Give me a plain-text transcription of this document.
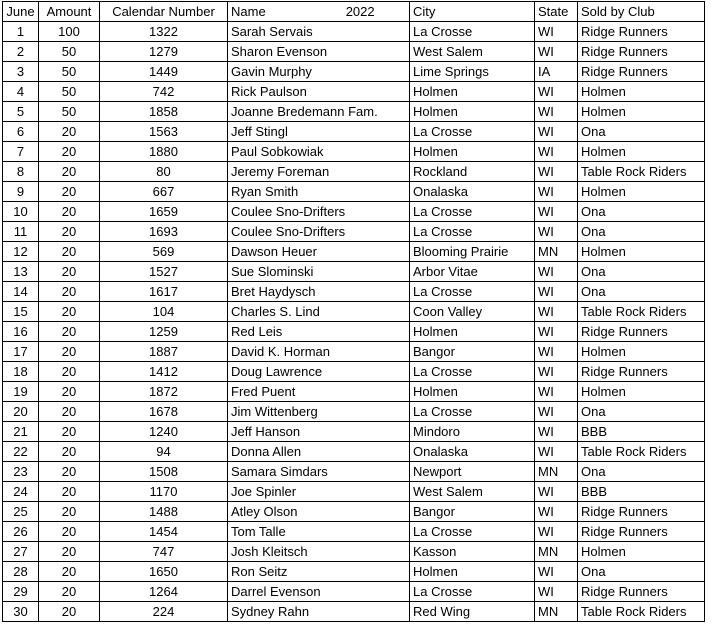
June	Amount	Calendar Number	Name 2022	City	State	Sold by Club
1	100	1322	Sarah Servais	La Crosse	WI	Ridge Runners
2	50	1279	Sharon Evenson	West Salem	WI	Ridge Runners
3	50	1449	Gavin Murphy	Lime Springs	IA	Ridge Runners
4	50	742	Rick Paulson	Holmen	WI	Holmen
5	50	1858	Joanne Bredemann Fam.	Holmen	WI	Holmen
6	20	1563	Jeff Stingl	La Crosse	WI	Ona
7	20	1880	Paul Sobkowiak	Holmen	WI	Holmen
8	20	80	Jeremy Foreman	Rockland	WI	Table Rock Riders
9	20	667	Ryan Smith	Onalaska	WI	Holmen
10	20	1659	Coulee Sno-Drifters	La Crosse	WI	Ona
11	20	1693	Coulee Sno-Drifters	La Crosse	WI	Ona
12	20	569	Dawson Heuer	Blooming Prairie	MN	Holmen
13	20	1527	Sue Slominski	Arbor Vitae	WI	Ona
14	20	1617	Bret Haydysch	La Crosse	WI	Ona
15	20	104	Charles S. Lind	Coon Valley	WI	Table Rock Riders
16	20	1259	Red Leis	Holmen	WI	Ridge Runners
17	20	1887	David K. Horman	Bangor	WI	Holmen
18	20	1412	Doug Lawrence	La Crosse	WI	Ridge Runners
19	20	1872	Fred Puent	Holmen	WI	Holmen
20	20	1678	Jim Wittenberg	La Crosse	WI	Ona
21	20	1240	Jeff Hanson	Mindoro	WI	BBB
22	20	94	Donna Allen	Onalaska	WI	Table Rock Riders
23	20	1508	Samara Simdars	Newport	MN	Ona
24	20	1170	Joe Spinler	West Salem	WI	BBB
25	20	1488	Atley Olson	Bangor	WI	Ridge Runners
26	20	1454	Tom Talle	La Crosse	WI	Ridge Runners
27	20	747	Josh Kleitsch	Kasson	MN	Holmen
28	20	1650	Ron Seitz	Holmen	WI	Ona
29	20	1264	Darrel Evenson	La Crosse	WI	Ridge Runners
30	20	224	Sydney Rahn	Red Wing	MN	Table Rock Riders
